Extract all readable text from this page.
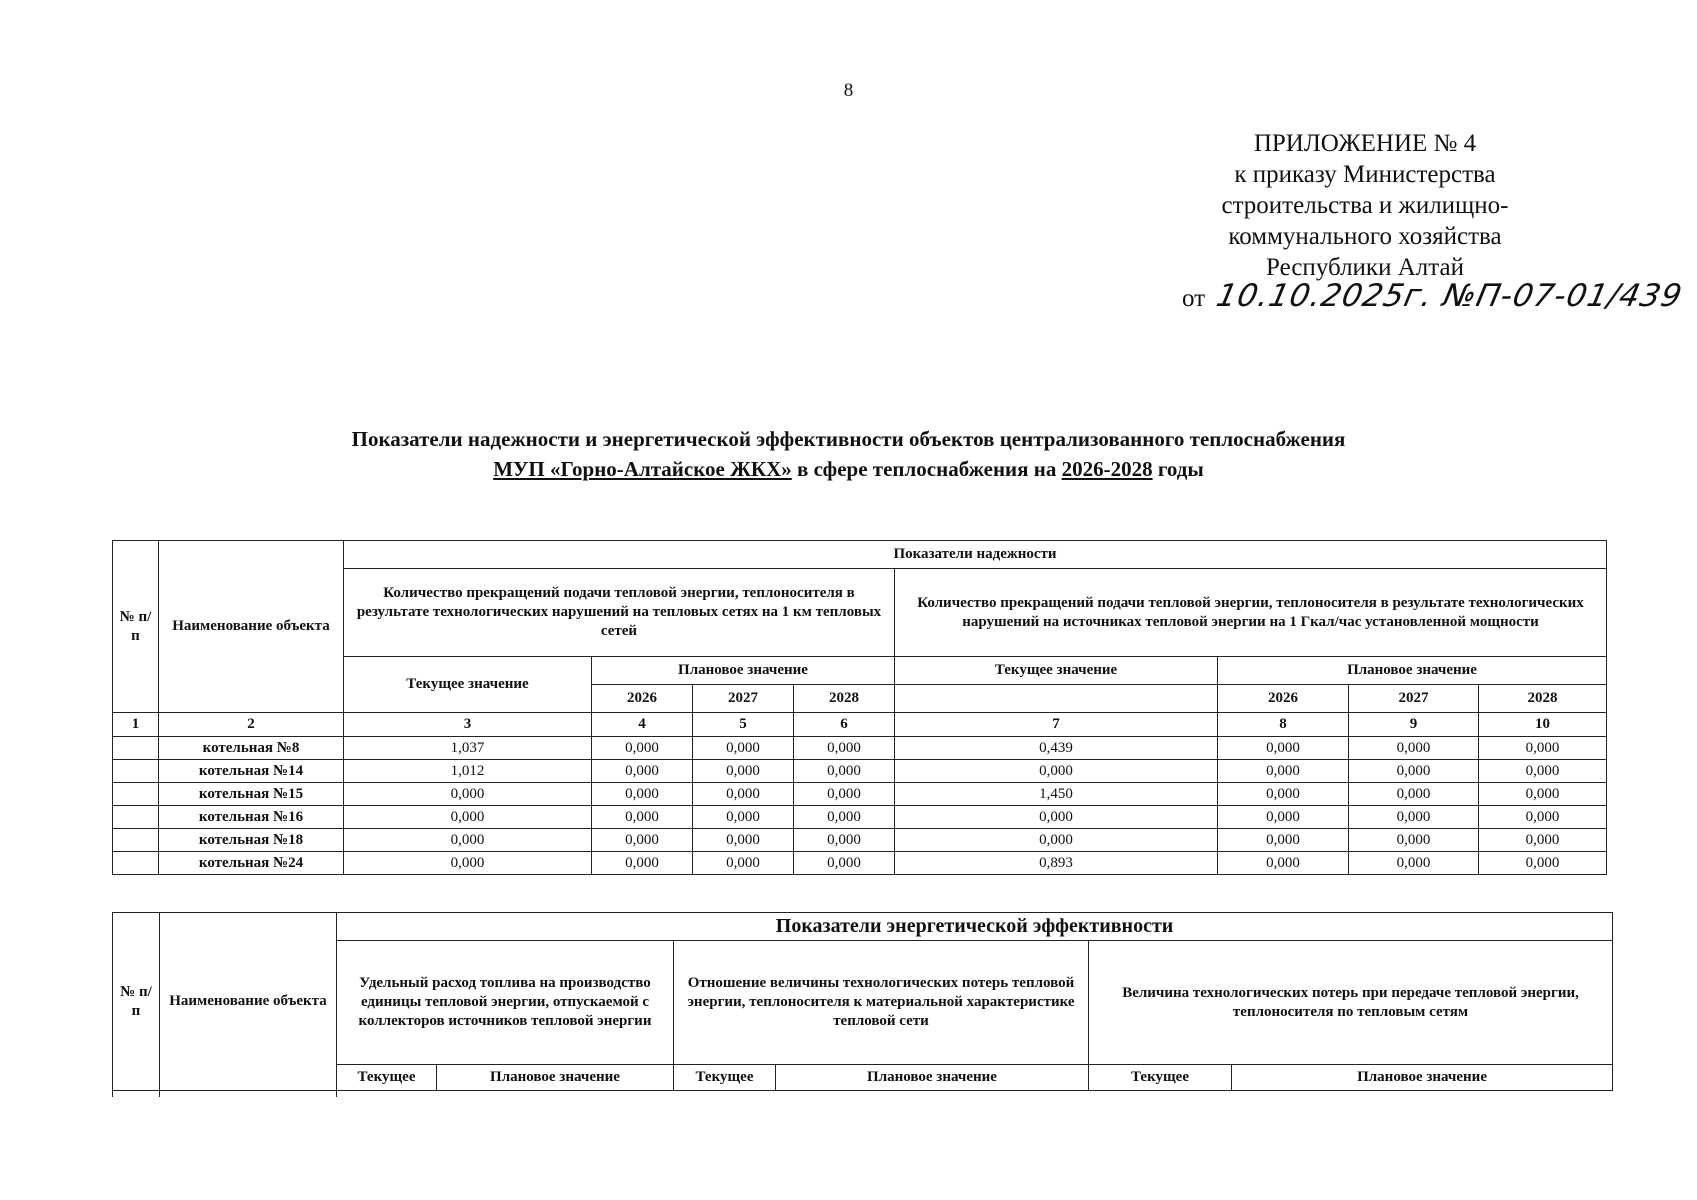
8
ПРИЛОЖЕНИЕ № 4
к приказу Министерства
строительства и жилищно-
коммунального хозяйства
Республики Алтай
от 10.10.2025г. №П-07-01/439
Показатели надежности и энергетической эффективности объектов централизованного теплоснабжения
МУП «Горно-Алтайское ЖКХ» в сфере теплоснабжения на 2026-2028 годы
№ п/п	Наименование объекта	Показатели надежности							
		Количество прекращений подачи тепловой энергии, теплоносителя в результате технологических нарушений на тепловых сетях на 1 км тепловых сетей				Количество прекращений подачи тепловой энергии, теплоносителя в результате технологических нарушений на источниках тепловой энергии на 1 Гкал/час установленной мощности			
		Текущее значение	Плановое значение			Текущее значение	Плановое значение		
			2026	2027	2028		2026	2027	2028
1	2	3	4	5	6	7	8	9	10
	котельная №8	1,037	0,000	0,000	0,000	0,439	0,000	0,000	0,000
	котельная №14	1,012	0,000	0,000	0,000	0,000	0,000	0,000	0,000
	котельная №15	0,000	0,000	0,000	0,000	1,450	0,000	0,000	0,000
	котельная №16	0,000	0,000	0,000	0,000	0,000	0,000	0,000	0,000
	котельная №18	0,000	0,000	0,000	0,000	0,000	0,000	0,000	0,000
	котельная №24	0,000	0,000	0,000	0,000	0,893	0,000	0,000	0,000
№ п/ п	Наименование объекта	Показатели энергетической эффективности					
		Удельный расход топлива на производство единицы тепловой энергии, отпускаемой с коллекторов источников тепловой энергии		Отношение величины технологических потерь тепловой энергии, теплоносителя к материальной характеристике тепловой сети		Величина технологических потерь при передаче тепловой энергии, теплоносителя по тепловым сетям	
		Текущее	Плановое значение	Текущее	Плановое значение	Текущее	Плановое значение
